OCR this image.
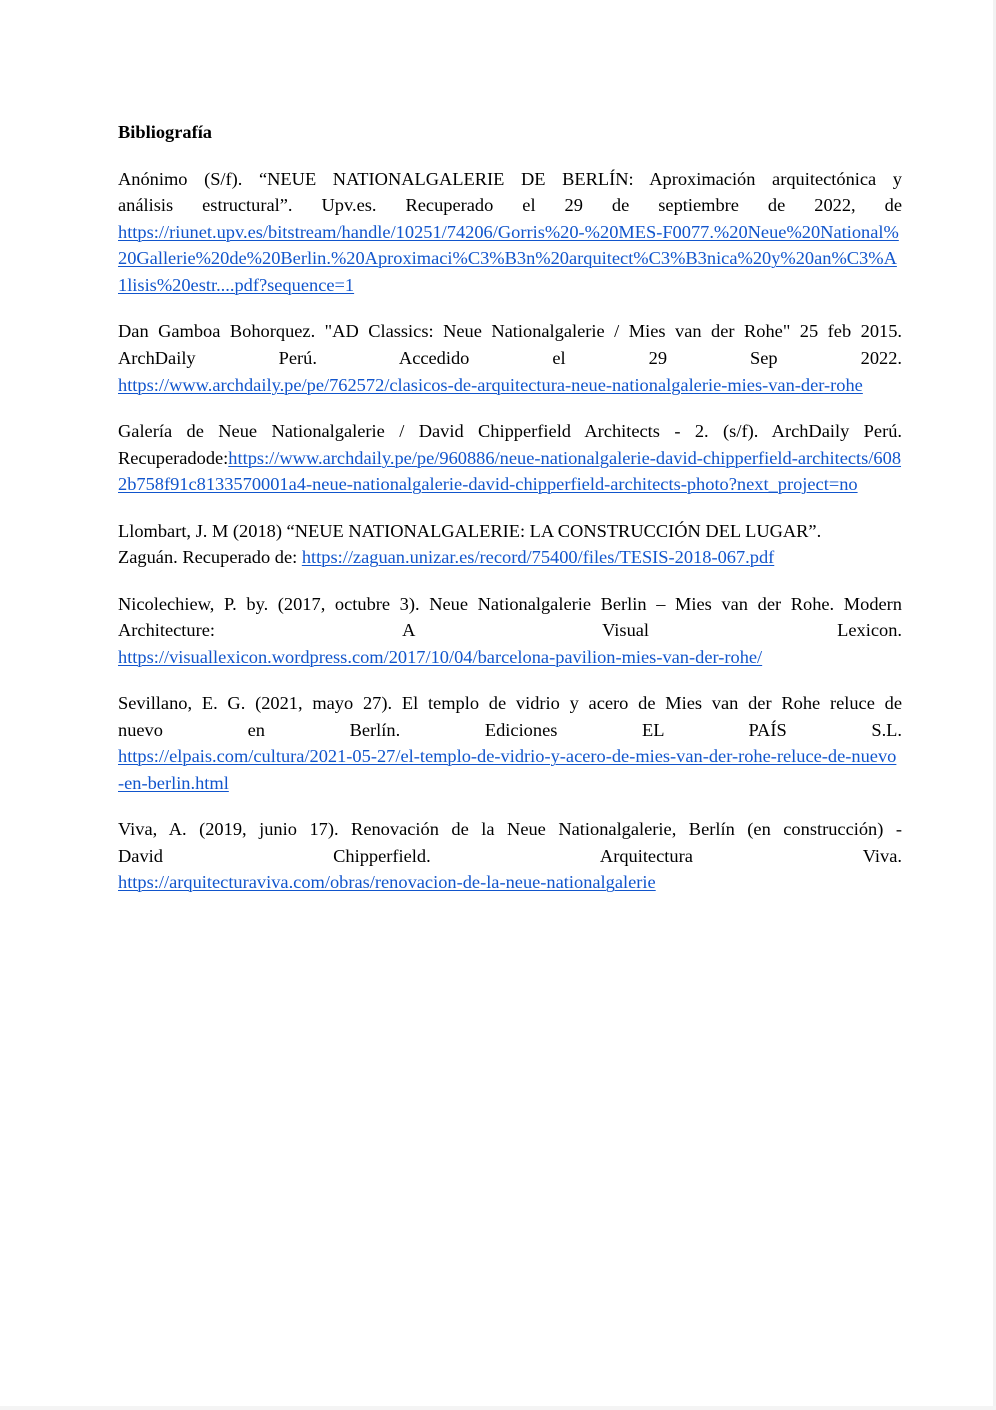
Bibliografía
Anónimo (S/f). “NEUE NATIONALGALERIE DE BERLÍN: Aproximación arquitectónica y
análisis estructural”. Upv.es. Recuperado el 29 de septiembre de 2022, de
https://riunet.upv.es/bitstream/handle/10251/74206/Gorris%20-%20MES-F0077.%20Neue%20National%20Gallerie%20de%20Berlin.%20Aproximaci%C3%B3n%20arquitect%C3%B3nica%20y%20an%C3%A1lisis%20estr....pdf?sequence=1
Dan Gamboa Bohorquez. "AD Classics: Neue Nationalgalerie / Mies van der Rohe" 25 feb 2015.
ArchDaily Perú. Accedido el 29 Sep 2022.
https://www.archdaily.pe/pe/762572/clasicos-de-arquitectura-neue-nationalgalerie-mies-van-der-rohe
Galería de Neue Nationalgalerie / David Chipperfield Architects - 2. (s/f). ArchDaily Perú.
Recuperadode:https://www.archdaily.pe/pe/960886/neue-nationalgalerie-david-chipperfield-architects/6082b758f91c8133570001a4-neue-nationalgalerie-david-chipperfield-architects-photo?next_project=no
Llombart, J. M (2018) “NEUE NATIONALGALERIE: LA CONSTRUCCIÓN DEL LUGAR”.
Zaguán. Recuperado de: https://zaguan.unizar.es/record/75400/files/TESIS-2018-067.pdf
Nicolechiew, P. by. (2017, octubre 3). Neue Nationalgalerie Berlin – Mies van der Rohe. Modern
Architecture: A Visual Lexicon.
https://visuallexicon.wordpress.com/2017/10/04/barcelona-pavilion-mies-van-der-rohe/
Sevillano, E. G. (2021, mayo 27). El templo de vidrio y acero de Mies van der Rohe reluce de
nuevo en Berlín. Ediciones EL PAÍS S.L.
https://elpais.com/cultura/2021-05-27/el-templo-de-vidrio-y-acero-de-mies-van-der-rohe-reluce-de-nuevo-en-berlin.html
Viva, A. (2019, junio 17). Renovación de la Neue Nationalgalerie, Berlín (en construcción) -
David Chipperfield. Arquitectura Viva.
https://arquitecturaviva.com/obras/renovacion-de-la-neue-nationalgalerie
